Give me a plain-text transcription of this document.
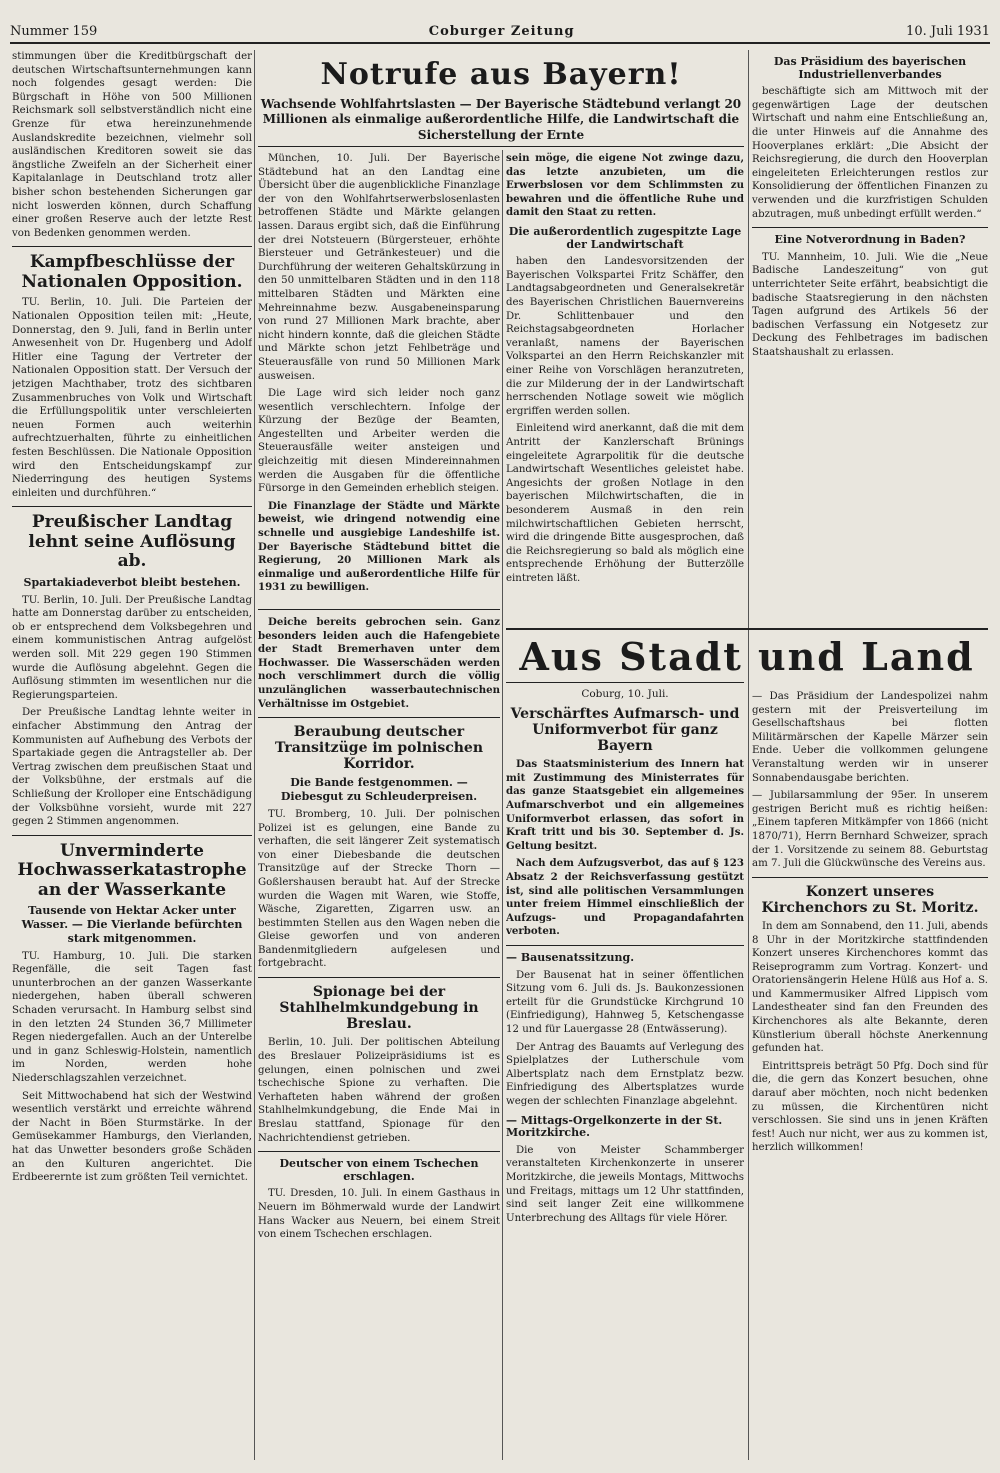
Nummer 159	Coburger Zeitung	10. Juli 1931

stimmungen über die Kreditbürgschaft der deutschen Wirtschaftsunternehmungen kann noch folgendes gesagt werden: Die Bürgschaft in Höhe von 500 Millionen Reichsmark soll selbstverständlich nicht eine Grenze für etwa hereinzunehmende Auslandskredite bezeichnen, vielmehr soll ausländischen Kreditoren soweit sie das ängstliche Zweifeln an der Sicherheit einer Kapitalanlage in Deutschland trotz aller bisher schon bestehenden Sicherungen gar nicht loswerden können, durch Schaffung einer großen Reserve auch der letzte Rest von Bedenken genommen werden.

Kampfbeschlüsse der Nationalen Opposition.

TU. Berlin, 10. Juli. Die Parteien der Nationalen Opposition teilen mit: „Heute, Donnerstag, den 9. Juli, fand in Berlin unter Anwesenheit von Dr. Hugenberg und Adolf Hitler eine Tagung der Vertreter der Nationalen Opposition statt. Der Versuch der jetzigen Machthaber, trotz des sichtbaren Zusammenbruches von Volk und Wirtschaft die Erfüllungspolitik unter verschleierten neuen Formen auch weiterhin aufrechtzuerhalten, führte zu einheitlichen festen Beschlüssen. Die Nationale Opposition wird den Entscheidungskampf zur Niederringung des heutigen Systems einleiten und durchführen.“

Preußischer Landtag lehnt seine Auflösung ab.
Spartakiadeverbot bleibt bestehen.

TU. Berlin, 10. Juli. Der Preußische Landtag hatte am Donnerstag darüber zu entscheiden, ob er entsprechend dem Volksbegehren und einem kommunistischen Antrag aufgelöst werden soll. Mit 229 gegen 190 Stimmen wurde die Auflösung abgelehnt. Gegen die Auflösung stimmten im wesentlichen nur die Regierungsparteien.

Der Preußische Landtag lehnte weiter in einfacher Abstimmung den Antrag der Kommunisten auf Aufhebung des Verbots der Spartakiade gegen die Antragsteller ab. Der Vertrag zwischen dem preußischen Staat und der Volksbühne, der erstmals auf die Schließung der Krolloper eine Entschädigung der Volksbühne vorsieht, wurde mit 227 gegen 2 Stimmen angenommen.

Unverminderte Hochwasserkatastrophe an der Wasserkante
Tausende von Hektar Acker unter Wasser. — Die Vierlande befürchten stark mitgenommen.

TU. Hamburg, 10. Juli. Die starken Regenfälle, die seit Tagen fast ununterbrochen an der ganzen Wasserkante niedergehen, haben überall schweren Schaden verursacht. In Hamburg selbst sind in den letzten 24 Stunden 36,7 Millimeter Regen niedergefallen. Auch an der Unterelbe und in ganz Schleswig-Holstein, namentlich im Norden, werden hohe Niederschlagszahlen verzeichnet.

Seit Mittwochabend hat sich der Westwind wesentlich verstärkt und erreichte während der Nacht in Böen Sturmstärke. In der Gemüsekammer Hamburgs, den Vierlanden, hat das Unwetter besonders große Schäden an den Kulturen angerichtet. Die Erdbeerernte ist zum größten Teil vernichtet.

Notrufe aus Bayern!
Wachsende Wohlfahrtslasten — Der Bayerische Städtebund verlangt 20 Millionen als einmalige außerordentliche Hilfe, die Landwirtschaft die Sicherstellung der Ernte

München, 10. Juli. Der Bayerische Städtebund hat an den Landtag eine Übersicht über die augenblickliche Finanzlage der von den Wohlfahrtserwerbslosenlasten betroffenen Städte und Märkte gelangen lassen. Daraus ergibt sich, daß die Einführung der drei Notsteuern (Bürgersteuer, erhöhte Biersteuer und Getränkesteuer) und die Durchführung der weiteren Gehaltskürzung in den 50 unmittelbaren Städten und in den 118 mittelbaren Städten und Märkten eine Mehreinnahme bezw. Ausgabeneinsparung von rund 27 Millionen Mark brachte, aber nicht hindern konnte, daß die gleichen Städte und Märkte schon jetzt Fehlbeträge und Steuerausfälle von rund 50 Millionen Mark ausweisen.

Die Lage wird sich leider noch ganz wesentlich verschlechtern. Infolge der Kürzung der Bezüge der Beamten, Angestellten und Arbeiter werden die Steuerausfälle weiter ansteigen und gleichzeitig mit diesen Mindereinnahmen werden die Ausgaben für die öffentliche Fürsorge in den Gemeinden erheblich steigen.

Die Finanzlage der Städte und Märkte beweist, wie dringend notwendig eine schnelle und ausgiebige Landeshilfe ist. Der Bayerische Städtebund bittet die Regierung, 20 Millionen Mark als einmalige und außerordentliche Hilfe für 1931 zu bewilligen.

Deiche bereits gebrochen sein. Ganz besonders leiden auch die Hafengebiete der Stadt Bremerhaven unter dem Hochwasser. Die Wasserschäden werden noch verschlimmert durch die völlig unzulänglichen wasserbautechnischen Verhältnisse im Ostgebiet.

Beraubung deutscher Transitzüge im polnischen Korridor.
Die Bande festgenommen. — Diebesgut zu Schleuderpreisen.

TU. Bromberg, 10. Juli. Der polnischen Polizei ist es gelungen, eine Bande zu verhaften, die seit längerer Zeit systematisch von einer Diebesbande die deutschen Transitzüge auf der Strecke Thorn — Goßlershausen beraubt hat. Auf der Strecke wurden die Wagen mit Waren, wie Stoffe, Wäsche, Zigaretten, Zigarren usw. an bestimmten Stellen aus den Wagen neben die Gleise geworfen und von anderen Bandenmitgliedern aufgelesen und fortgebracht.

Spionage bei der Stahlhelmkundgebung in Breslau.

Berlin, 10. Juli. Der politischen Abteilung des Breslauer Polizeipräsidiums ist es gelungen, einen polnischen und zwei tschechische Spione zu verhaften. Die Verhafteten haben während der großen Stahlhelmkundgebung, die Ende Mai in Breslau stattfand, Spionage für den Nachrichtendienst getrieben.

Deutscher von einem Tschechen erschlagen.

TU. Dresden, 10. Juli. In einem Gasthaus in Neuern im Böhmerwald wurde der Landwirt Hans Wacker aus Neuern, bei einem Streit von einem Tschechen erschlagen.

sein möge, die eigene Not zwinge dazu, das letzte anzubieten, um die Erwerbslosen vor dem Schlimmsten zu bewahren und die öffentliche Ruhe und damit den Staat zu retten.

Die außerordentlich zugespitzte Lage der Landwirtschaft

haben den Landesvorsitzenden der Bayerischen Volkspartei Fritz Schäffer, den Landtagsabgeordneten und Generalsekretär des Bayerischen Christlichen Bauernvereins Dr. Schlittenbauer und den Reichstagsabgeordneten Horlacher veranlaßt, namens der Bayerischen Volkspartei an den Herrn Reichskanzler mit einer Reihe von Vorschlägen heranzutreten, die zur Milderung der in der Landwirtschaft herrschenden Notlage soweit wie möglich ergriffen werden sollen.

Einleitend wird anerkannt, daß die mit dem Antritt der Kanzlerschaft Brünings eingeleitete Agrarpolitik für die deutsche Landwirtschaft Wesentliches geleistet habe. Angesichts der großen Notlage in den bayerischen Milchwirtschaften, die in besonderem Ausmaß in den rein milchwirtschaftlichen Gebieten herrscht, wird die dringende Bitte ausgesprochen, daß die Reichsregierung so bald als möglich eine entsprechende Erhöhung der Butterzölle eintreten läßt.

Aus Stadt und Land
Coburg, 10. Juli.
Verschärftes Aufmarsch- und Uniformverbot für ganz Bayern

Das Staatsministerium des Innern hat mit Zustimmung des Ministerrates für das ganze Staatsgebiet ein allgemeines Aufmarschverbot und ein allgemeines Uniformverbot erlassen, das sofort in Kraft tritt und bis 30. September d. Js. Geltung besitzt.

Nach dem Aufzugsverbot, das auf § 123 Absatz 2 der Reichsverfassung gestützt ist, sind alle politischen Versammlungen unter freiem Himmel einschließlich der Aufzugs- und Propagandafahrten verboten.

— Bausenatssitzung.

Der Bausenat hat in seiner öffentlichen Sitzung vom 6. Juli ds. Js. Baukonzessionen erteilt für die Grundstücke Kirchgrund 10 (Einfriedigung), Hahnweg 5, Ketschengasse 12 und für Lauergasse 28 (Entwässerung).

Der Antrag des Bauamts auf Verlegung des Spielplatzes der Lutherschule vom Albertsplatz nach dem Ernstplatz bezw. Einfriedigung des Albertsplatzes wurde wegen der schlechten Finanzlage abgelehnt.

— Mittags-Orgelkonzerte in der St. Moritzkirche.

Die von Meister Schammberger veranstalteten Kirchenkonzerte in unserer Moritzkirche, die jeweils Montags, Mittwochs und Freitags, mittags um 12 Uhr stattfinden, sind seit langer Zeit eine willkommene Unterbrechung des Alltags für viele Hörer.

Das Präsidium des bayerischen Industriellenverbandes

beschäftigte sich am Mittwoch mit der gegenwärtigen Lage der deutschen Wirtschaft und nahm eine Entschließung an, die unter Hinweis auf die Annahme des Hooverplanes erklärt: „Die Absicht der Reichsregierung, die durch den Hooverplan eingeleiteten Erleichterungen restlos zur Konsolidierung der öffentlichen Finanzen zu verwenden und die kurzfristigen Schulden abzutragen, muß unbedingt erfüllt werden.“

Eine Notverordnung in Baden?

TU. Mannheim, 10. Juli. Wie die „Neue Badische Landeszeitung“ von gut unterrichteter Seite erfährt, beabsichtigt die badische Staatsregierung in den nächsten Tagen aufgrund des Artikels 56 der badischen Verfassung ein Notgesetz zur Deckung des Fehlbetrages im badischen Staatshaushalt zu erlassen.

— Das Präsidium der Landespolizei nahm gestern mit der Preisverteilung im Gesellschaftshaus bei flotten Militärmärschen der Kapelle Märzer sein Ende. Ueber die vollkommen gelungene Veranstaltung werden wir in unserer Sonnabendausgabe berichten.

— Jubilarsammlung der 95er. In unserem gestrigen Bericht muß es richtig heißen: „Einem tapferen Mitkämpfer von 1866 (nicht 1870/71), Herrn Bernhard Schweizer, sprach der 1. Vorsitzende zu seinem 88. Geburtstag am 7. Juli die Glückwünsche des Vereins aus.

Konzert unseres Kirchenchors zu St. Moritz.

In dem am Sonnabend, den 11. Juli, abends 8 Uhr in der Moritzkirche stattfindenden Konzert unseres Kirchenchores kommt das Reiseprogramm zum Vortrag. Konzert- und Oratoriensängerin Helene Hülß aus Hof a. S. und Kammermusiker Alfred Lippisch vom Landestheater sind fan den Freunden des Kirchenchores als alte Bekannte, deren Künstlerium überall höchste Anerkennung gefunden hat.

Eintrittspreis beträgt 50 Pfg. Doch sind für die, die gern das Konzert besuchen, ohne darauf aber möchten, noch nicht bedenken zu müssen, die Kirchentüren nicht verschlossen. Sie sind uns in jenen Kräften fest! Auch nur nicht, wer aus zu kommen ist, herzlich willkommen!
